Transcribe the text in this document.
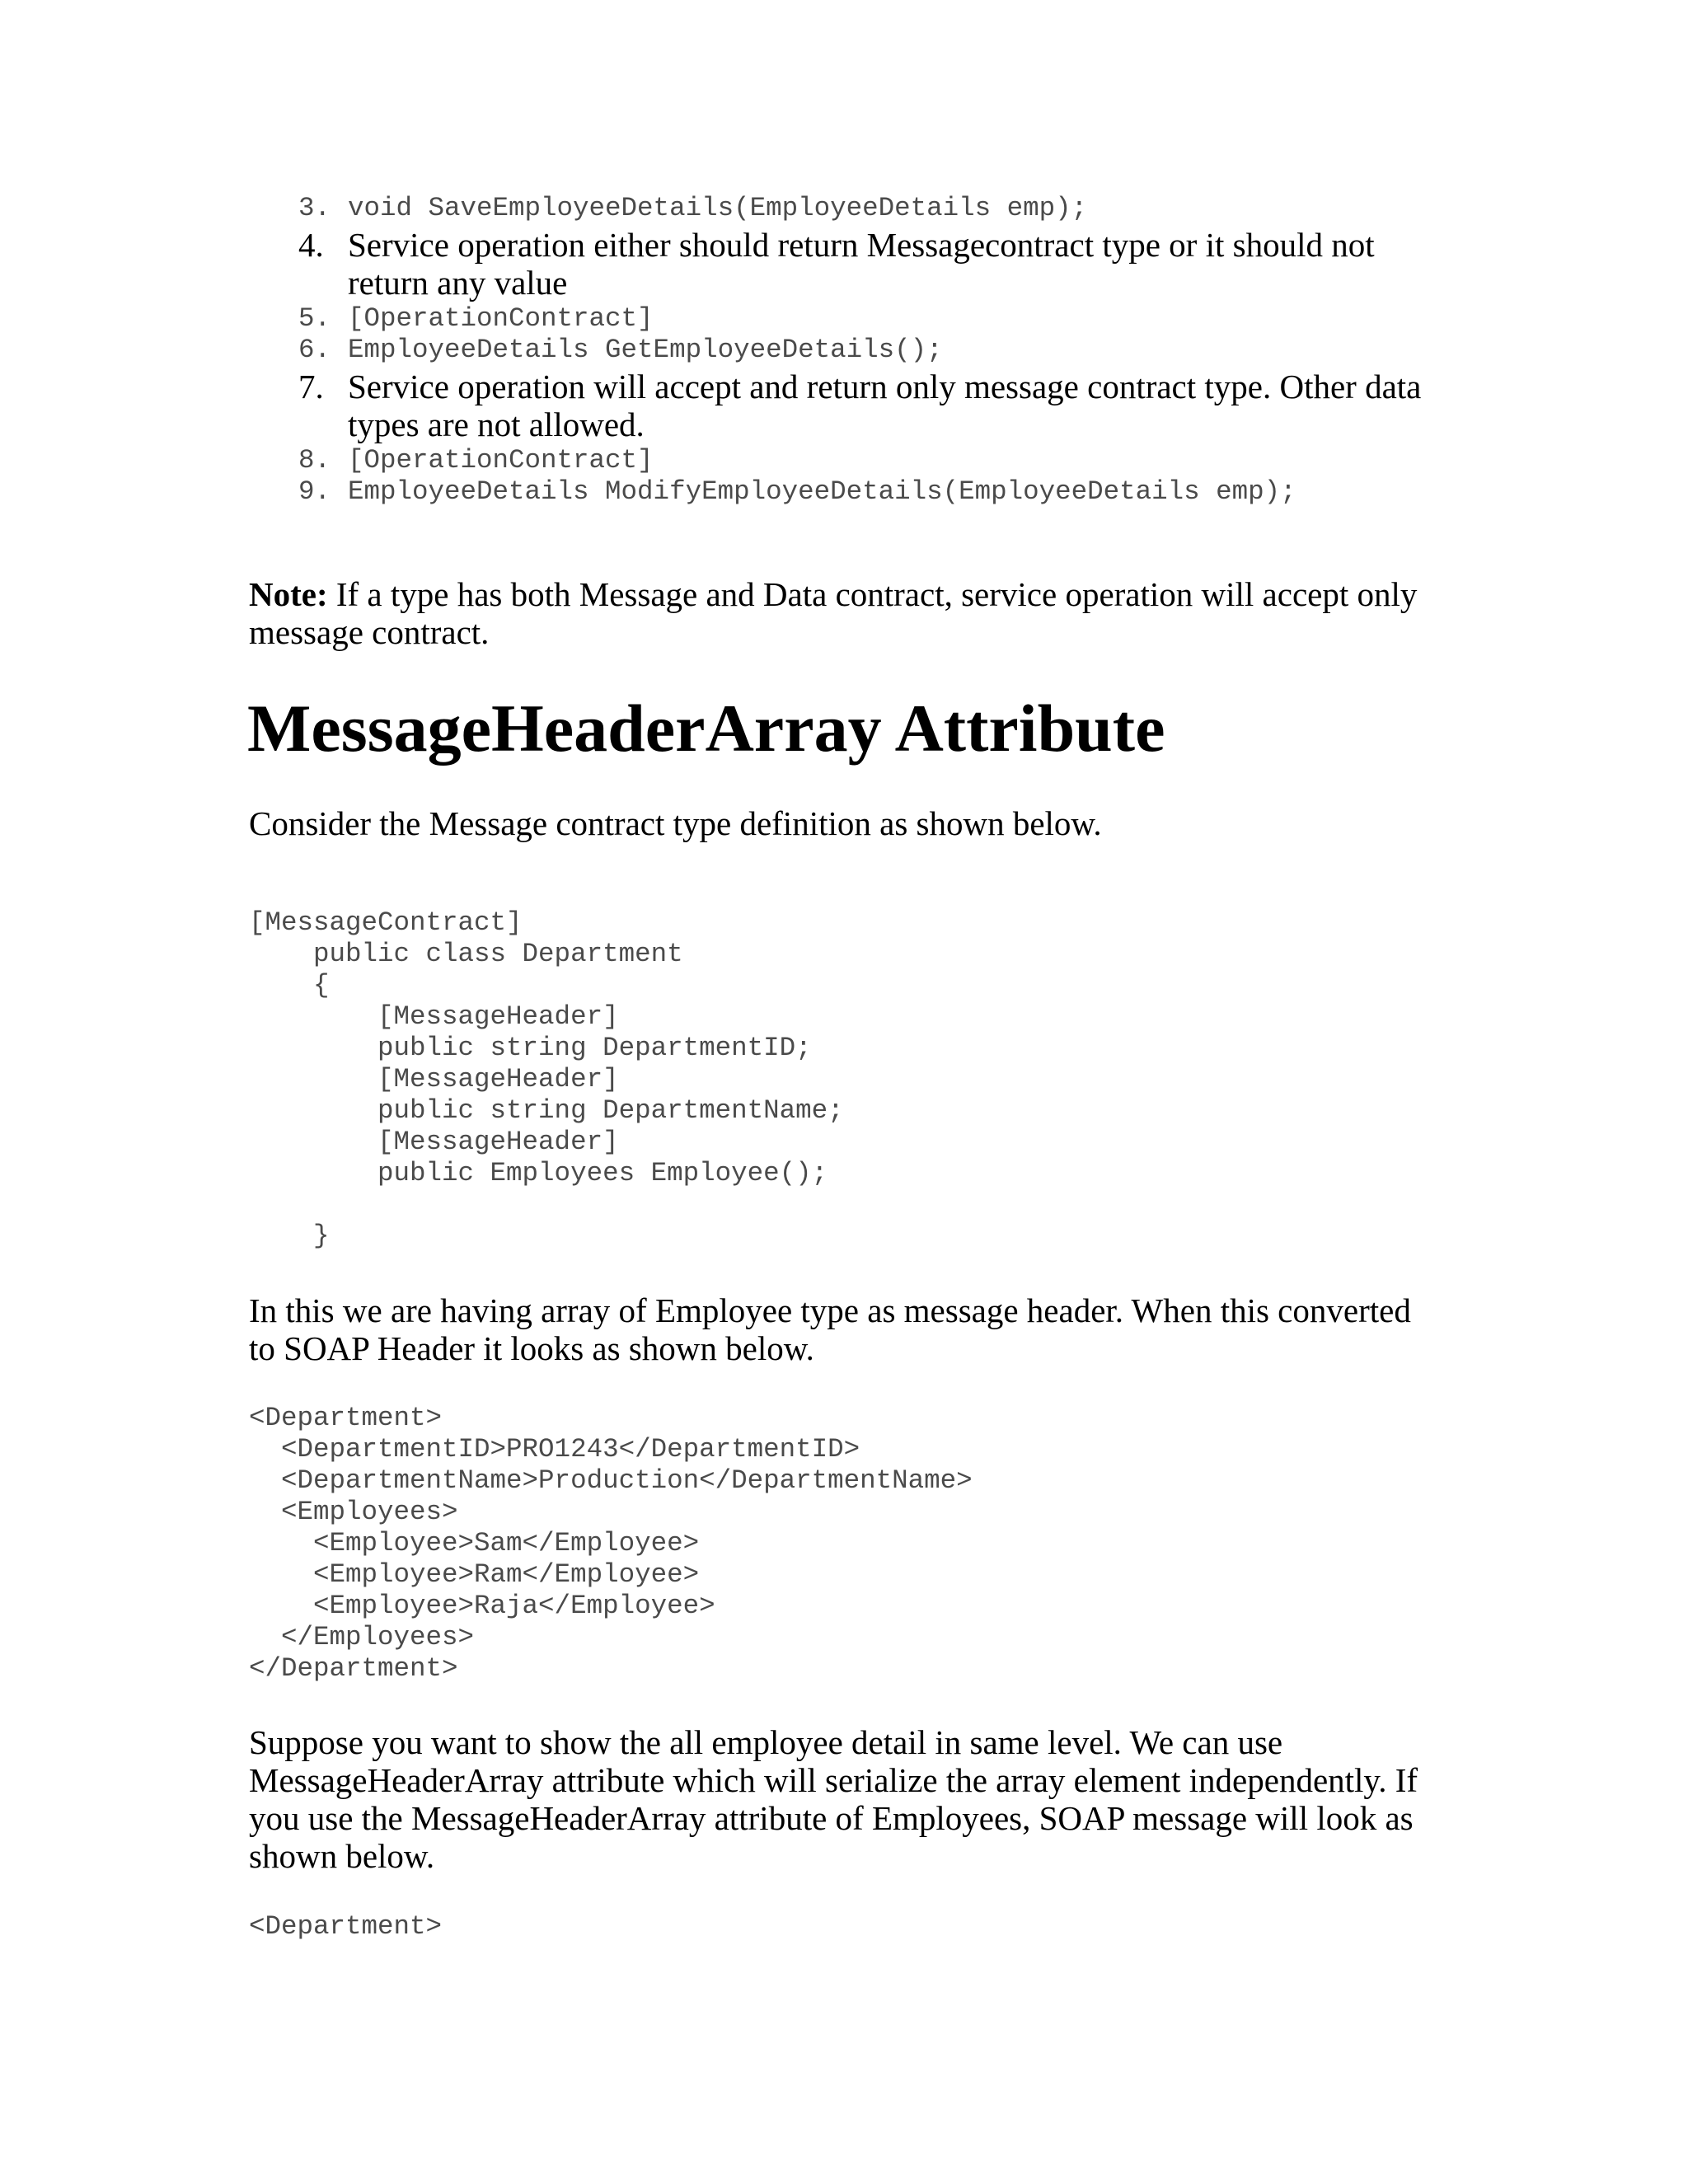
3. void SaveEmployeeDetails(EmployeeDetails emp);
4. Service operation either should return Messagecontract type or it should not return any value
5. [OperationContract]
6. EmployeeDetails GetEmployeeDetails();
7. Service operation will accept and return only message contract type. Other data types are not allowed.
8. [OperationContract]
9. EmployeeDetails ModifyEmployeeDetails(EmployeeDetails emp);
Note: If a type has both Message and Data contract, service operation will accept only message contract.
MessageHeaderArray Attribute
Consider the Message contract type definition as shown below.
[MessageContract]
public class Department
{
[MessageHeader]
public string DepartmentID;
[MessageHeader]
public string DepartmentName;
[MessageHeader]
public Employees Employee();
}
In this we are having array of Employee type as message header. When this converted to SOAP Header it looks as shown below.
<Department>
<DepartmentID>PRO1243</DepartmentID>
<DepartmentName>Production</DepartmentName>
<Employees>
<Employee>Sam</Employee>
<Employee>Ram</Employee>
<Employee>Raja</Employee>
</Employees>
</Department>
Suppose you want to show the all employee detail in same level. We can use MessageHeaderArray attribute which will serialize the array element independently. If you use the MessageHeaderArray attribute of Employees, SOAP message will look as shown below.
<Department>
